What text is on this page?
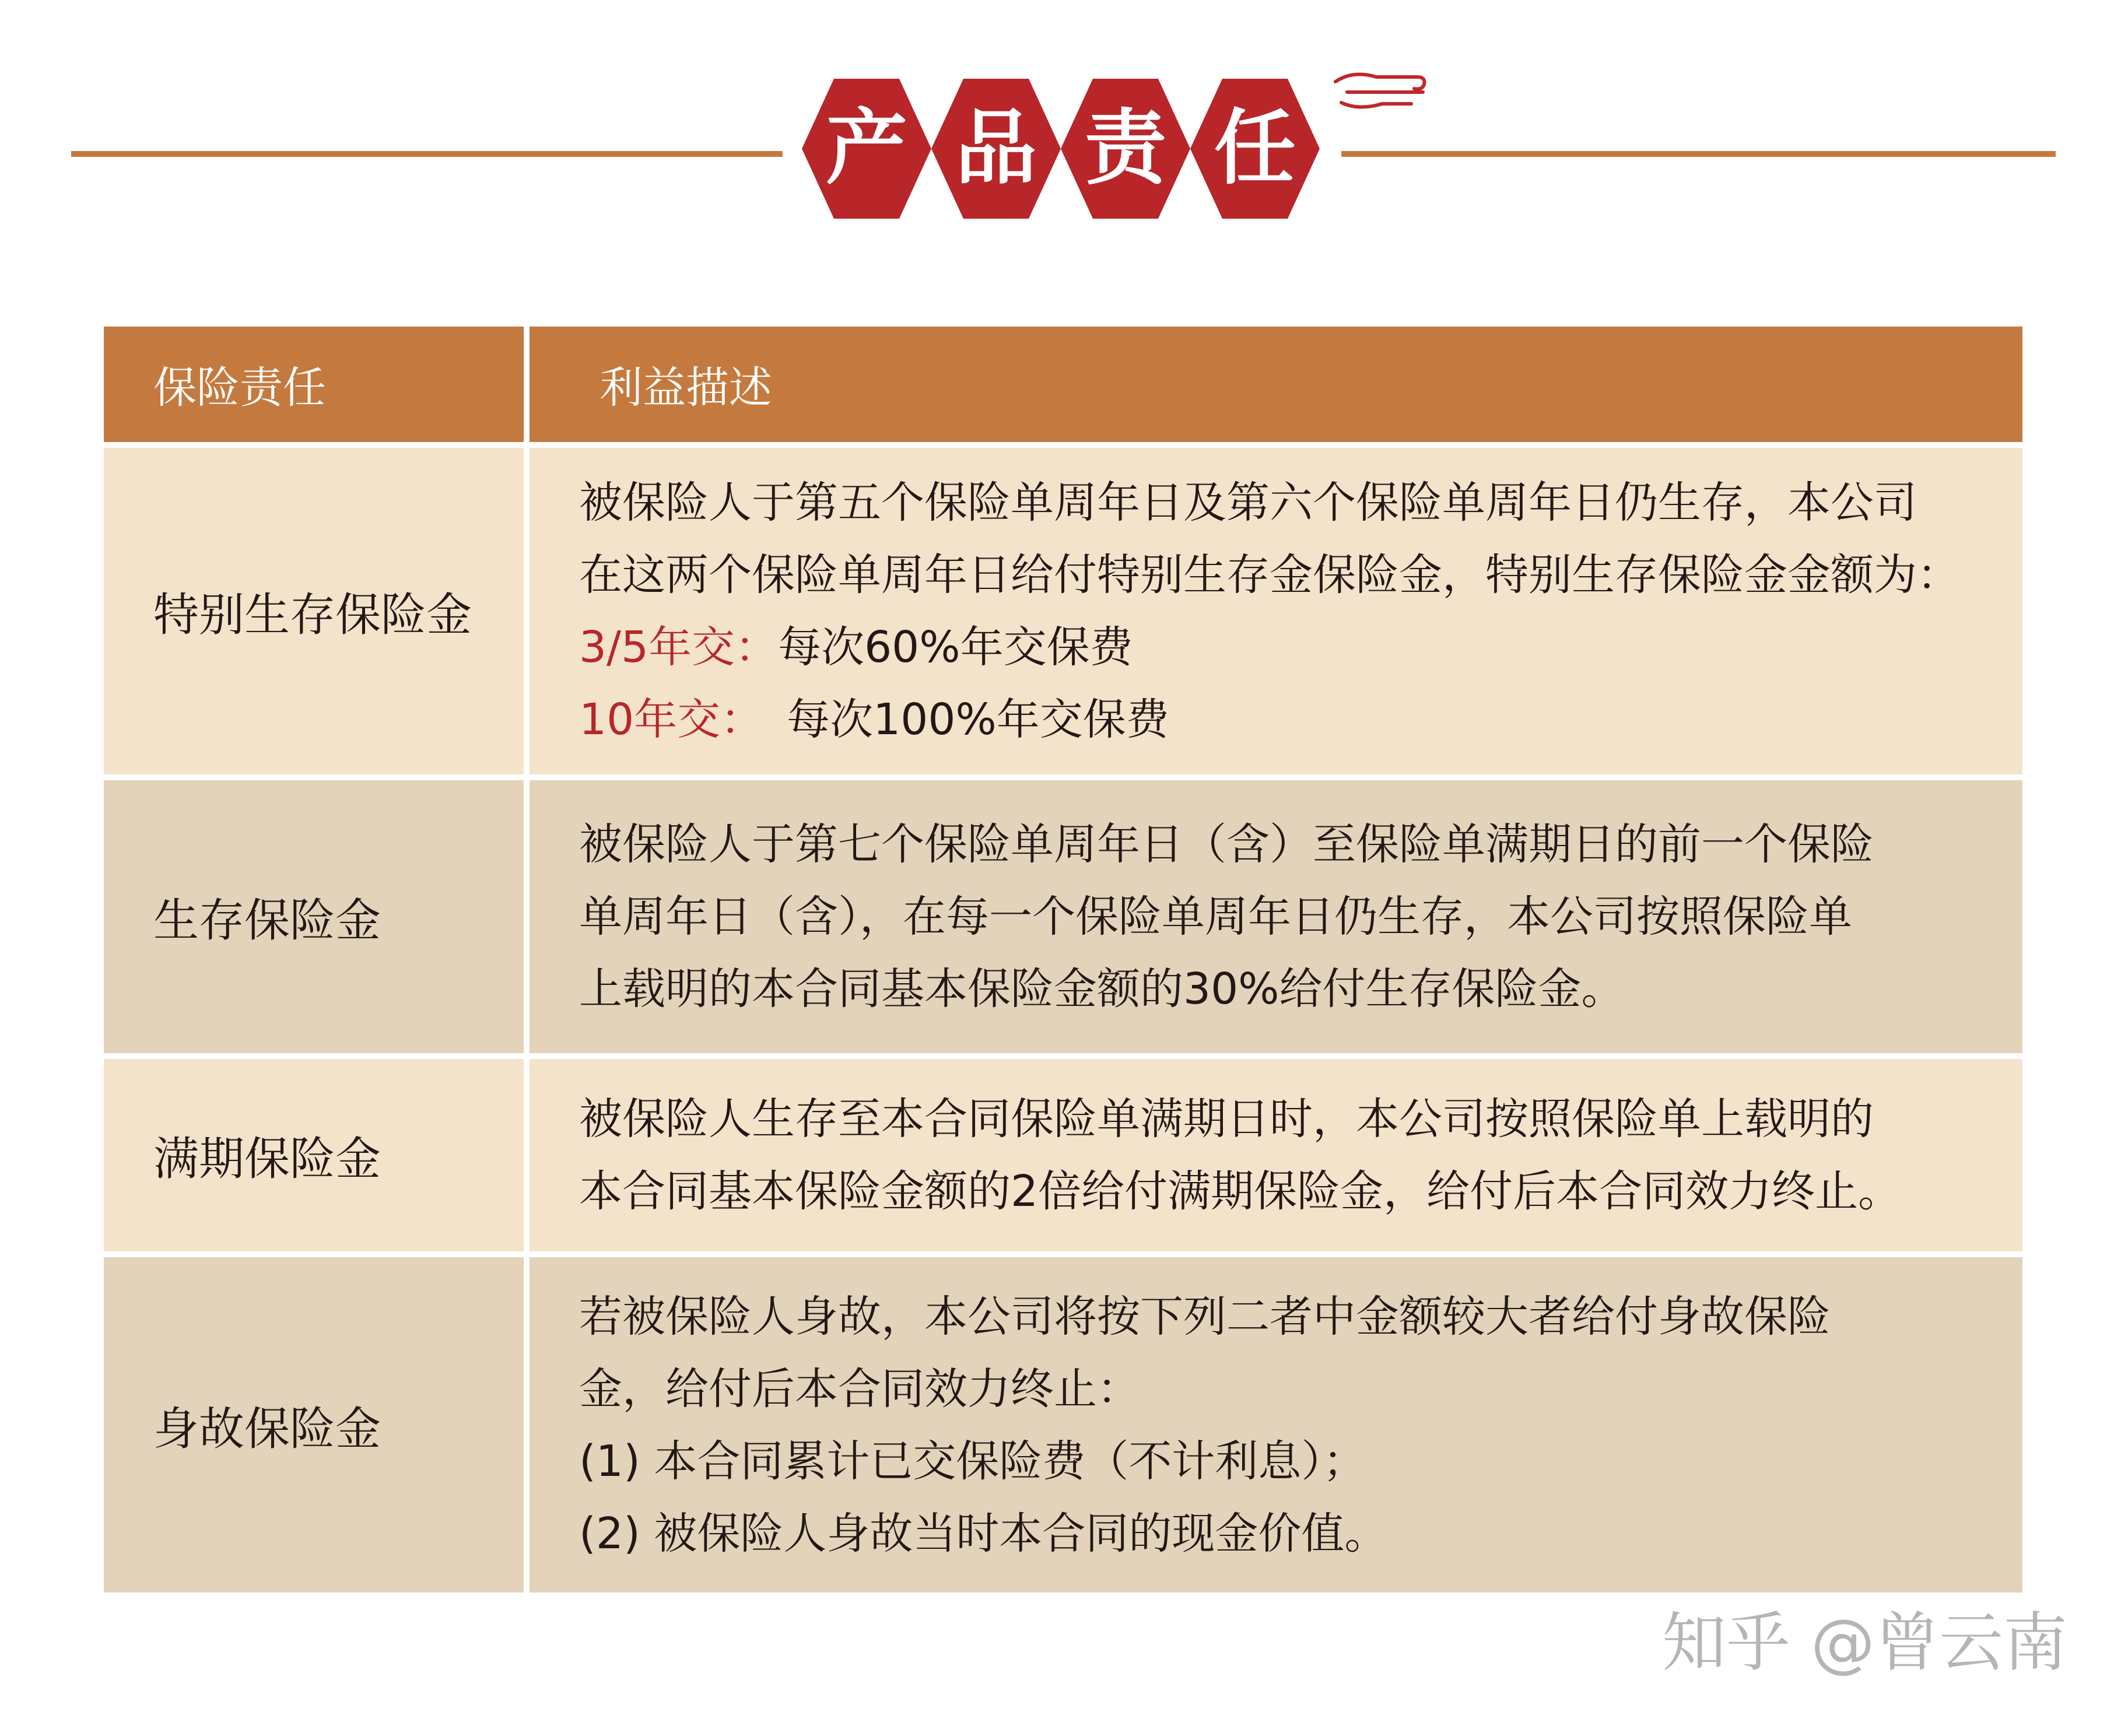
产 品 责 任
保险责任	利益描述
特别生存保险金
被保险人于第五个保险单周年日及第六个保险单周年日仍生存，本公司
在这两个保险单周年日给付特别生存金保险金，特别生存保险金金额为：
3/5年交：每次60%年交保费
10年交： 每次100%年交保费
生存保险金
被保险人于第七个保险单周年日（含）至保险单满期日的前一个保险
单周年日（含），在每一个保险单周年日仍生存，本公司按照保险单
上载明的本合同基本保险金额的30%给付生存保险金。
满期保险金
被保险人生存至本合同保险单满期日时，本公司按照保险单上载明的
本合同基本保险金额的2倍给付满期保险金，给付后本合同效力终止。
身故保险金
若被保险人身故，本公司将按下列二者中金额较大者给付身故保险
金，给付后本合同效力终止：
(1) 本合同累计已交保险费（不计利息）；
(2) 被保险人身故当时本合同的现金价值。
知乎 @曾云南
